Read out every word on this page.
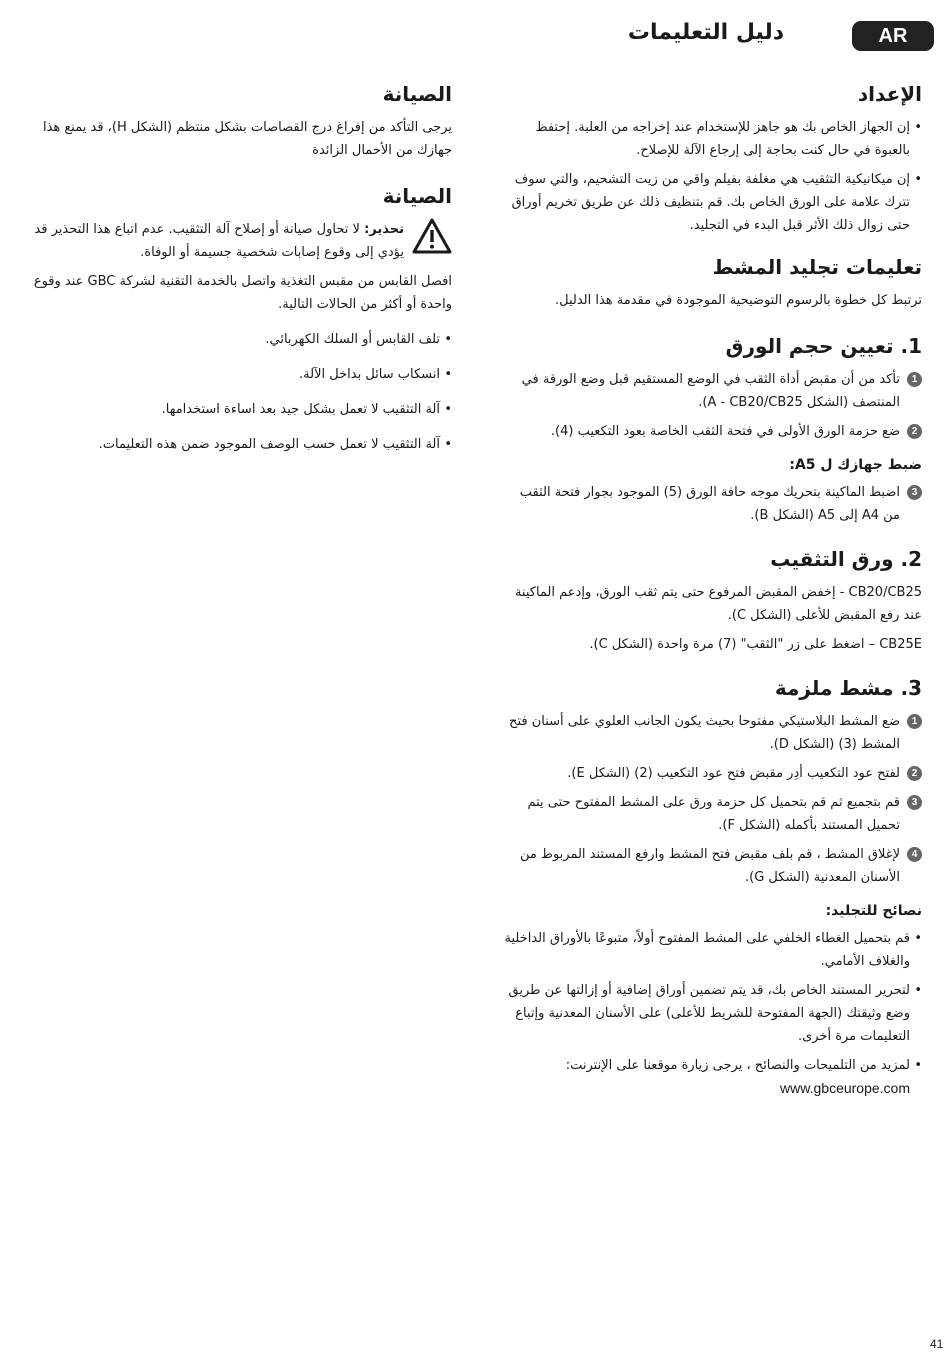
دليل التعليمات	AR
الإعداد
• إن الجهاز الخاص بك هو جاهز للإستخدام عند إخراجه من العلبة. إحتفظ بالعبوة في حال كنت بحاجة إلى إرجاع الآلة للإصلاح.
• إن ميكانيكية التثقيب هي مغلفة بفيلم واقي من زيت التشحيم، والتي سوف تترك علامة على الورق الخاص بك. قم بتنظيف ذلك عن طريق تخريم أوراق حتى زوال ذلك الأثر قبل البدء في التجليد.
تعليمات تجليد المشط

ترتبط كل خطوة بالرسوم التوضيحية الموجودة في مقدمة هذا الدليل.

1. تعيين حجم الورق
1
تأكد من أن مقبض أداة الثقب في الوضع المستقيم قبل وضع الورقة في المنتصف (الشكل A - CB20/CB25).
2
ضع حزمة الورق الأولى في فتحة الثقب الخاصة بعود التكعيب (4).
ضبط جهازك ل A5:
3
اضبط الماكينة بتحريك موجه حافة الورق (5) الموجود بجوار فتحة الثقب من A4 إلى A5 (الشكل B).
2. ورق التثقيب

CB20/CB25 - إخفض المقبض المرفوع حتى يتم ثقب الورق، وإدعم الماكينة عند رفع المقبض للأعلى (الشكل C).

CB25E – اضغط على زر "الثقب" (7) مرة واحدة (الشكل C).

3. مشط ملزمة
1
ضع المشط البلاستيكي مفتوحا بحيث يكون الجانب العلوي على أسنان فتح المشط (3) (الشكل D).
2
لفتح عود التكعيب أدِر مقبض فتح عود التكعيب (2) (الشكل E).
3
قم بتجميع ثم قم بتحميل كل حزمة ورق على المشط المفتوح حتى يتم تحميل المستند بأكمله (الشكل F).
4
لإغلاق المشط ، قم بلف مقبض فتح المشط وارفع المستند المربوط من الأسنان المعدنية (الشكل G).
نصائح للتجليد:
• قم بتحميل الغطاء الخلفي على المشط المفتوح أولاً، متبوعًا بالأوراق الداخلية والغلاف الأمامي.
• لتحرير المستند الخاص بك، قد يتم تضمين أوراق إضافية أو إزالتها عن طريق وضع وثيقتك (الجهة المفتوحة للشريط للأعلى) على الأسنان المعدنية وإتباع التعليمات مرة أخرى.
• لمزيد من التلميحات والنصائح ، يرجى زيارة موقعنا على الإنترنت:
www.gbceurope.com
الصيانة

يرجى التأكد من إفراغ درج القصاصات بشكل منتظم (الشكل H)، قد يمنع هذا جهازك من الأحمال الزائدة

الصيانة
تحذير: لا تحاول صيانة أو إصلاح آلة التثقيب. عدم اتباع هذا التحذير قد يؤدي إلى وقوع إصابات شخصية جسيمة أو الوفاة.

افصل القابس من مقبس التغذية واتصل بالخدمة التقنية لشركة GBC عند وقوع واحدة أو أكثر من الحالات التالية.

• تلف القابس أو السلك الكهربائي.
• انسكاب سائل بداخل الآلة.
• آلة التثقيب لا تعمل بشكل جيد بعد اساءة استخدامها.
• آلة التثقيب لا تعمل حسب الوصف الموجود ضمن هذه التعليمات.
41
